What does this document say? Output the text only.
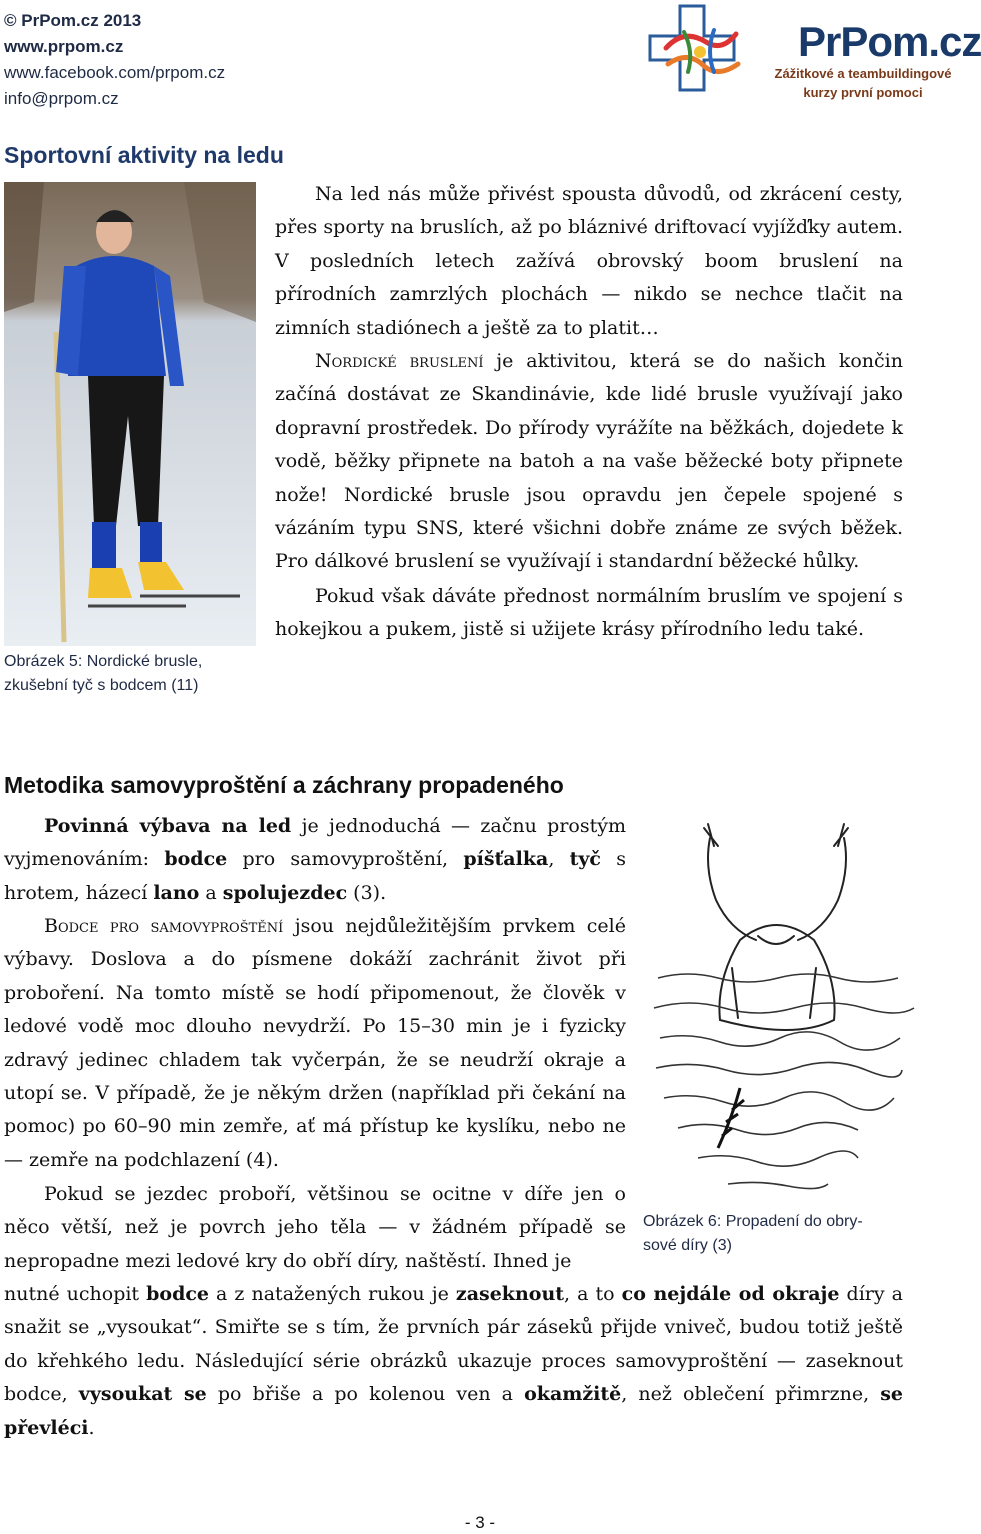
© PrPom.cz 2013
www.prpom.cz
www.facebook.com/prpom.cz
info@prpom.cz
PrPom.cz
Zážitkové a teambuildingové
kurzy první pomoci
Sportovní aktivity na ledu
Obrázek 5: Nordické brusle,
zkušební tyč s bodcem (11)
Na led nás může přivést spousta důvodů, od zkrácení cesty, přes sporty na bruslích, až po bláznivé driftovací vyjížďky autem. V posledních letech zažívá obrovský boom bruslení na přírodních zamrzlých plochách — nikdo se nechce tlačit na zimních stadiónech a ještě za to platit…
Nordické bruslení je aktivitou, která se do našich končin začíná dostávat ze Skandinávie, kde lidé brusle využívají jako dopravní prostředek. Do přírody vyrážíte na běžkách, dojedete k vodě, běžky připnete na batoh a na vaše běžecké boty připnete nože! Nordické brusle jsou opravdu jen čepele spojené s vázáním typu SNS, které všichni dobře známe ze svých běžek. Pro dálkové bruslení se využívají i standardní běžecké hůlky.
Pokud však dáváte přednost normálním bruslím ve spojení s hokejkou a pukem, jistě si užijete krásy přírodního ledu také.
Metodika samovyproštění a záchrany propadeného
Povinná výbava na led je jednoduchá — začnu prostým vyjmenováním: bodce pro samovyproštění, píšťalka, tyč s hrotem, házecí lano a spolujezdec (3).
Bodce pro samovyproštění jsou nejdůležitějším prvkem celé výbavy. Doslova a do písmene dokáží zachránit život při proboření. Na tomto místě se hodí připomenout, že člověk v ledové vodě moc dlouho nevydrží. Po 15–30 min je i fyzicky zdravý jedinec chladem tak vyčerpán, že se neudrží okraje a utopí se. V případě, že je někým držen (například při čekání na pomoc) po 60–90 min zemře, ať má přístup ke kyslíku, nebo ne — zemře na podchlazení (4).
Pokud se jezdec proboří, většinou se ocitne v díře jen o něco větší, než je povrch jeho těla — v žádném případě se nepropadne mezi ledové kry do obří díry, naštěstí. Ihned je
nutné uchopit bodce a z natažených rukou je zaseknout, a to co nejdále od okraje díry a snažit se „vysoukat“. Smiřte se s tím, že prvních pár záseků přijde vniveč, budou totiž ještě do křehkého ledu. Následující série obrázků ukazuje proces samovyproštění — zaseknout bodce, vysoukat se po břiše a po kolenou ven a okamžitě, než oblečení přimrzne, se převléci.
Obrázek 6: Propadení do obry-
sové díry (3)
- 3 -
